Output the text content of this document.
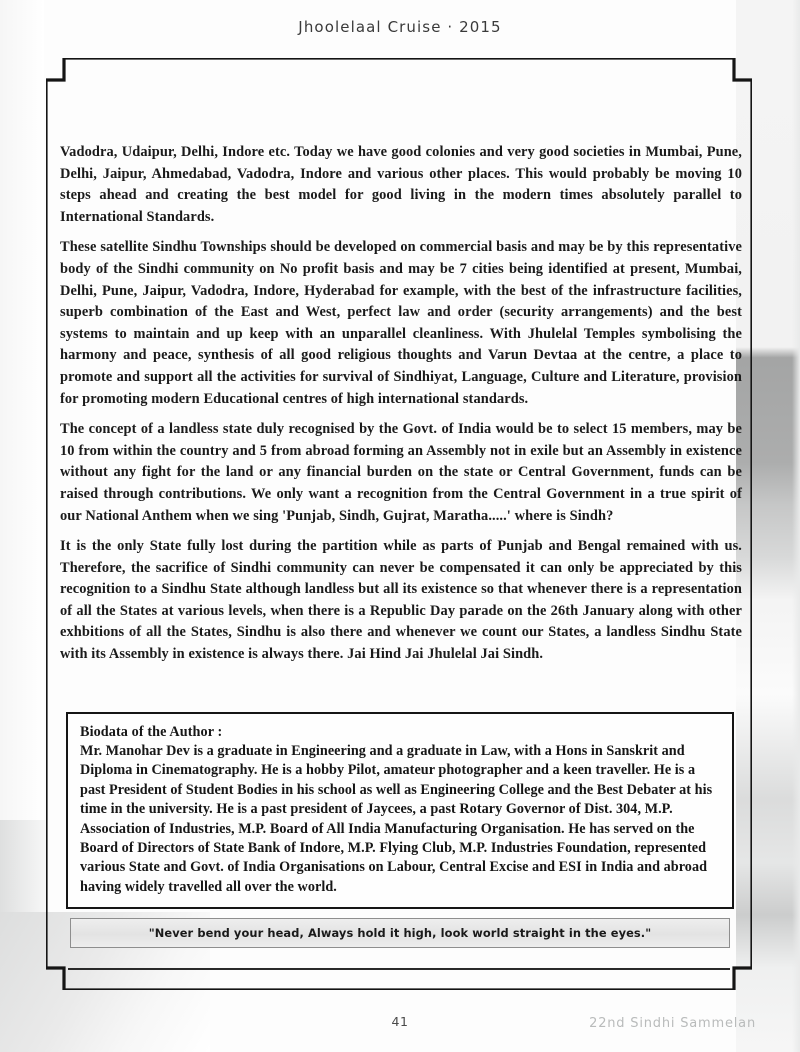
Jhoolelaal Cruise · 2015

Vadodra, Udaipur, Delhi, Indore etc. Today we have good colonies and very good societies in Mumbai, Pune, Delhi, Jaipur, Ahmedabad, Vadodra, Indore and various other places. This would probably be moving 10 steps ahead and creating the best model for good living in the modern times absolutely parallel to International Standards.

These satellite Sindhu Townships should be developed on commercial basis and may be by this representative body of the Sindhi community on No profit basis and may be 7 cities being identified at present, Mumbai, Delhi, Pune, Jaipur, Vadodra, Indore, Hyderabad for example, with the best of the infrastructure facilities, superb combination of the East and West, perfect law and order (security arrangements) and the best systems to maintain and up keep with an unparallel cleanliness. With Jhulelal Temples symbolising the harmony and peace, synthesis of all good religious thoughts and Varun Devtaa at the centre, a place to promote and support all the activities for survival of Sindhiyat, Language, Culture and Literature, provision for promoting modern Educational centres of high international standards.

The concept of a landless state duly recognised by the Govt. of India would be to select 15 members, may be 10 from within the country and 5 from abroad forming an Assembly not in exile but an Assembly in existence without any fight for the land or any financial burden on the state or Central Government, funds can be raised through contributions. We only want a recognition from the Central Government in a true spirit of our National Anthem when we sing 'Punjab, Sindh, Gujrat, Maratha.....' where is Sindh?

It is the only State fully lost during the partition while as parts of Punjab and Bengal remained with us. Therefore, the sacrifice of Sindhi community can never be compensated it can only be appreciated by this recognition to a Sindhu State although landless but all its existence so that whenever there is a representation of all the States at various levels, when there is a Republic Day parade on the 26th January along with other exhbitions of all the States, Sindhu is also there and whenever we count our States, a landless Sindhu State with its Assembly in existence is always there. Jai Hind Jai Jhulelal Jai Sindh.

Biodata of the Author :
Mr. Manohar Dev is a graduate in Engineering and a graduate in Law, with a Hons in Sanskrit and Diploma in Cinematography. He is a hobby Pilot, amateur photographer and a keen traveller. He is a past President of Student Bodies in his school as well as Engineering College and the Best Debater at his time in the university. He is a past president of Jaycees, a past Rotary Governor of Dist. 304, M.P. Association of Industries, M.P. Board of All India Manufacturing Organisation. He has served on the Board of Directors of State Bank of Indore, M.P. Flying Club, M.P. Industries Foundation, represented various State and Govt. of India Organisations on Labour, Central Excise and ESI in India and abroad having widely travelled all over the world.
"Never bend your head, Always hold it high, look world straight in the eyes."
41	22nd Sindhi Sammelan
